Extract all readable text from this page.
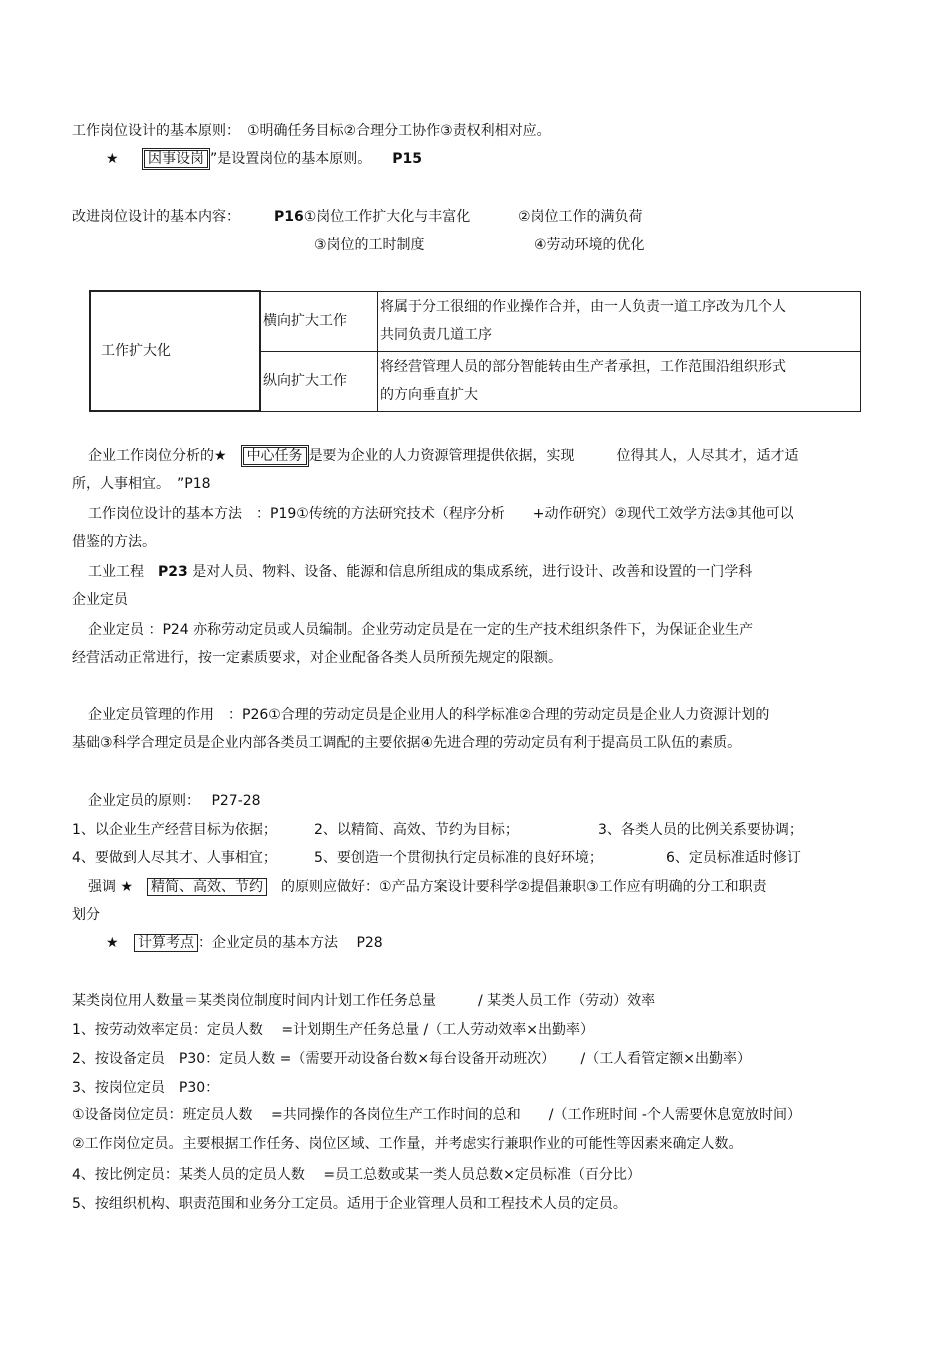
工作岗位设计的基本原则：　①明确任务目标②合理分工协作③责权利相对应。
★ 因事设岗 ”是设置岗位的基本原则。　　 P15
改进岗位设计的基本内容： P16①岗位工作扩大化与丰富化	②岗位工作的满负荷
③岗位的工时制度	④劳动环境的优化
工作扩大化	横向扩大工作	将属于分工很细的作业操作合并，由一人负责一道工序改为几个人
共同负责几道工序
	纵向扩大工作	将经营管理人员的部分智能转由生产者承担，工作范围沿组织形式
的方向垂直扩大
企业工作岗位分析的★　 中心任务 是要为企业的人力资源管理提供依据，实现　　　位得其人，人尽其才，适才适
所，人事相宜。　”P18
工作岗位设计的基本方法　：P19①传统的方法研究技术（程序分析　　+动作研究）②现代工效学方法③其他可以
借鉴的方法。
工业工程　P23 是对人员、物料、设备、能源和信息所组成的集成系统，进行设计、改善和设置的一门学科
企业定员
企业定员 ：P24 亦称劳动定员或人员编制。企业劳动定员是在一定的生产技术组织条件下，为保证企业生产
经营活动正常进行，按一定素质要求，对企业配备各类人员所预先规定的限额。
企业定员管理的作用　：P26①合理的劳动定员是企业用人的科学标准②合理的劳动定员是企业人力资源计划的
基础③科学合理定员是企业内部各类员工调配的主要依据④先进合理的劳动定员有利于提高员工队伍的素质。
企业定员的原则：　 P27-28
1、以企业生产经营目标为依据；	2、以精简、高效、节约为目标；	3、各类人员的比例关系要协调；
4、要做到人尽其才、人事相宜；	5、要创造一个贯彻执行定员标准的良好环境；	6、定员标准适时修订
强调 ★　 精简、高效、节约　 的原则应做好：①产品方案设计要科学②提倡兼职③工作应有明确的分工和职责
划分
★ 计算考点 ：企业定员的基本方法　 P28
某类岗位用人数量＝某类岗位制度时间内计划工作任务总量　　　/ 某类人员工作（劳动）效率
1、按劳动效率定员：定员人数　 =计划期生产任务总量 /（工人劳动效率×出勤率）
2、按设备定员　P30：定员人数 =（需要开动设备台数×每台设备开动班次）　　 /（工人看管定额×出勤率）
3、按岗位定员　P30：
①设备岗位定员：班定员人数　 =共同操作的各岗位生产工作时间的总和　　/（工作班时间 -个人需要休息宽放时间）
②工作岗位定员。主要根据工作任务、岗位区域、工作量，并考虑实行兼职作业的可能性等因素来确定人数。
4、按比例定员：某类人员的定员人数　 =员工总数或某一类人员总数×定员标准（百分比）
5、按组织机构、职责范围和业务分工定员。适用于企业管理人员和工程技术人员的定员。
